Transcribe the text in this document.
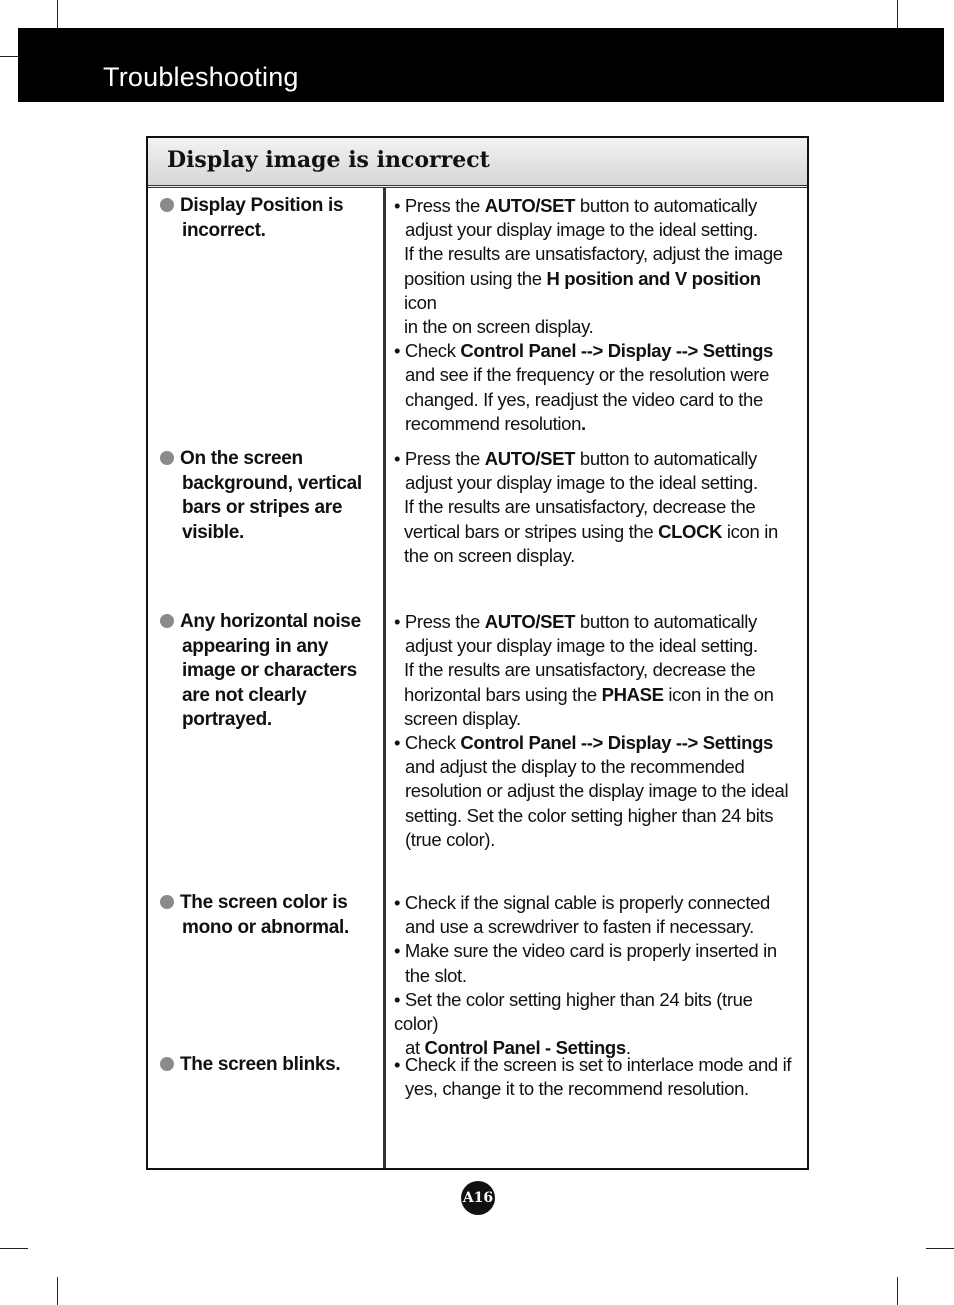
Troubleshooting
Display image is incorrect
Display Position is
incorrect.
• Press the AUTO/SET button to automatically
adjust your display image to the ideal setting.
If the results are unsatisfactory, adjust the image
position using the H position and V position icon
in the on screen display.
• Check Control Panel --> Display --> Settings
and see if the frequency or the resolution were
changed. If yes, readjust the video card to the
recommend resolution.
On the screen
background, vertical
bars or stripes are
visible.
• Press the AUTO/SET button to automatically
adjust your display image to the ideal setting.
If the results are unsatisfactory, decrease the
vertical bars or stripes using the CLOCK icon in
the on screen display.
Any horizontal noise
appearing in any
image or characters
are not clearly
portrayed.
• Press the AUTO/SET button to automatically
adjust your display image to the ideal setting.
If the results are unsatisfactory, decrease the
horizontal bars using the PHASE icon in the on
screen display.
• Check Control Panel --> Display --> Settings
and adjust the display to the recommended
resolution or adjust the display image to the ideal
setting. Set the color setting higher than 24 bits
(true color).
The screen color is
mono or abnormal.
• Check if the signal cable is properly connected
and use a screwdriver to fasten if necessary.
• Make sure the video card is properly inserted in
the slot.
• Set the color setting higher than 24 bits (true color)
at Control Panel - Settings.
The screen blinks.	• Check if the screen is set to interlace mode and if
yes, change it to the recommend resolution.
A16
